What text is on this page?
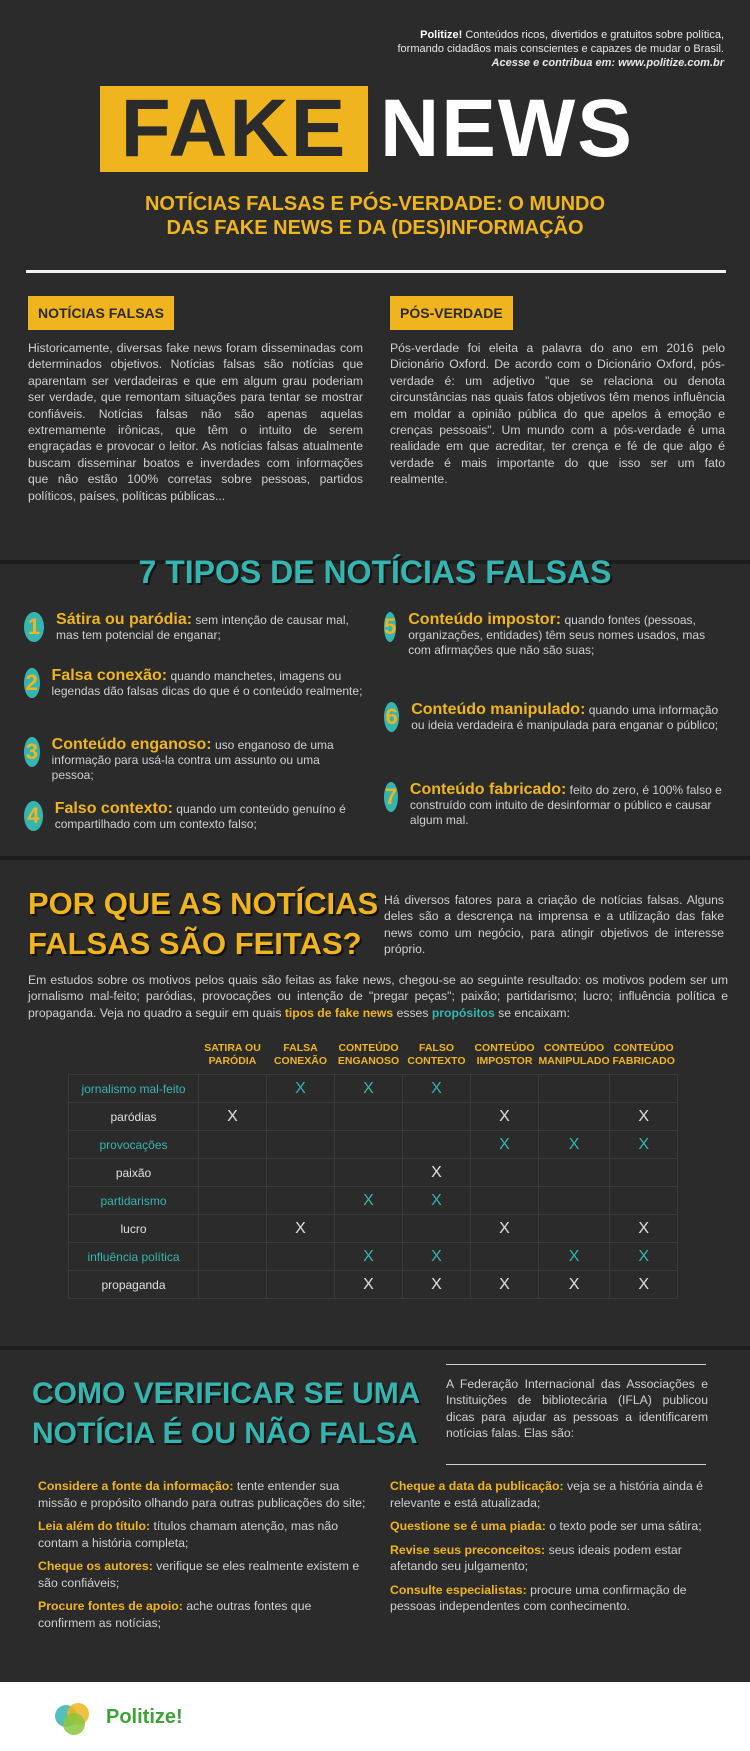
Politize! Conteúdos ricos, divertidos e gratuitos sobre política,
formando cidadãos mais conscientes e capazes de mudar o Brasil.
Acesse e contribua em: www.politize.com.br
FAKE NEWS
NOTÍCIAS FALSAS E PÓS-VERDADE: O MUNDO
DAS FAKE NEWS E DA (DES)INFORMAÇÃO
NOTÍCIAS FALSAS
Historicamente, diversas fake news foram disseminadas com determinados objetivos. Notícias falsas são notícias que aparentam ser verdadeiras e que em algum grau poderiam ser verdade, que remontam situações para tentar se mostrar confiáveis. Notícias falsas não são apenas aquelas extremamente irônicas, que têm o intuito de serem engraçadas e provocar o leitor. As notícias falsas atualmente buscam disseminar boatos e inverdades com informações que não estão 100% corretas sobre pessoas, partidos políticos, países, políticas públicas...
PÓS-VERDADE
Pós-verdade foi eleita a palavra do ano em 2016 pelo Dicionário Oxford. De acordo com o Dicionário Oxford, pós-verdade é: um adjetivo "que se relaciona ou denota circunstâncias nas quais fatos objetivos têm menos influência em moldar a opinião pública do que apelos à emoção e crenças pessoais". Um mundo com a pós-verdade é uma realidade em que acreditar, ter crença e fé de que algo é verdade é mais importante do que isso ser um fato realmente.
7 TIPOS DE NOTÍCIAS FALSAS
1 Sátira ou paródia: sem intenção de causar mal, mas tem potencial de enganar;
2 Falsa conexão: quando manchetes, imagens ou legendas dão falsas dicas do que é o conteúdo realmente;
3 Conteúdo enganoso: uso enganoso de uma informação para usá-la contra um assunto ou uma pessoa;
4 Falso contexto: quando um conteúdo genuíno é compartilhado com um contexto falso;
5 Conteúdo impostor: quando fontes (pessoas, organizações, entidades) têm seus nomes usados, mas com afirmações que não são suas;
6 Conteúdo manipulado: quando uma informação ou ideia verdadeira é manipulada para enganar o público;
7 Conteúdo fabricado: feito do zero, é 100% falso e construído com intuito de desinformar o público e causar algum mal.
POR QUE AS NOTÍCIAS
FALSAS SÃO FEITAS?
Há diversos fatores para a criação de notícias falsas. Alguns deles são a descrença na imprensa e a utilização das fake news como um negócio, para atingir objetivos de interesse próprio.
Em estudos sobre os motivos pelos quais são feitas as fake news, chegou-se ao seguinte resultado: os motivos podem ser um jornalismo mal-feito; paródias, provocações ou intenção de "pregar peças"; paixão; partidarismo; lucro; influência política e propaganda. Veja no quadro a seguir em quais tipos de fake news esses propósitos se encaixam:
	SATIRA OU PARÓDIA	FALSA CONEXÃO	CONTEÚDO ENGANOSO	FALSO CONTEXTO	CONTEÚDO IMPOSTOR	CONTEÚDO MANIPULADO	CONTEÚDO FABRICADO
jornalismo mal-feito		X	X	X			
paródias	X				X		X
provocações					X	X	X
paixão				X			
partidarismo			X	X			
lucro		X			X		X
influência política			X	X		X	X
propaganda			X	X	X	X	X
COMO VERIFICAR SE UMA
NOTÍCIA É OU NÃO FALSA
A Federação Internacional das Associações e Instituições de bibliotecária (IFLA) publicou dicas para ajudar as pessoas a identificarem notícias falas. Elas são:
Considere a fonte da informação: tente entender sua missão e propósito olhando para outras publicações do site;
Leia além do título: títulos chamam atenção, mas não contam a história completa;
Cheque os autores: verifique se eles realmente existem e são confiáveis;
Procure fontes de apoio: ache outras fontes que confirmem as notícias;
Cheque a data da publicação: veja se a história ainda é relevante e está atualizada;
Questione se é uma piada: o texto pode ser uma sátira;
Revise seus preconceitos: seus ideais podem estar afetando seu julgamento;
Consulte especialistas: procure uma confirmação de pessoas independentes com conhecimento.
Politize!
